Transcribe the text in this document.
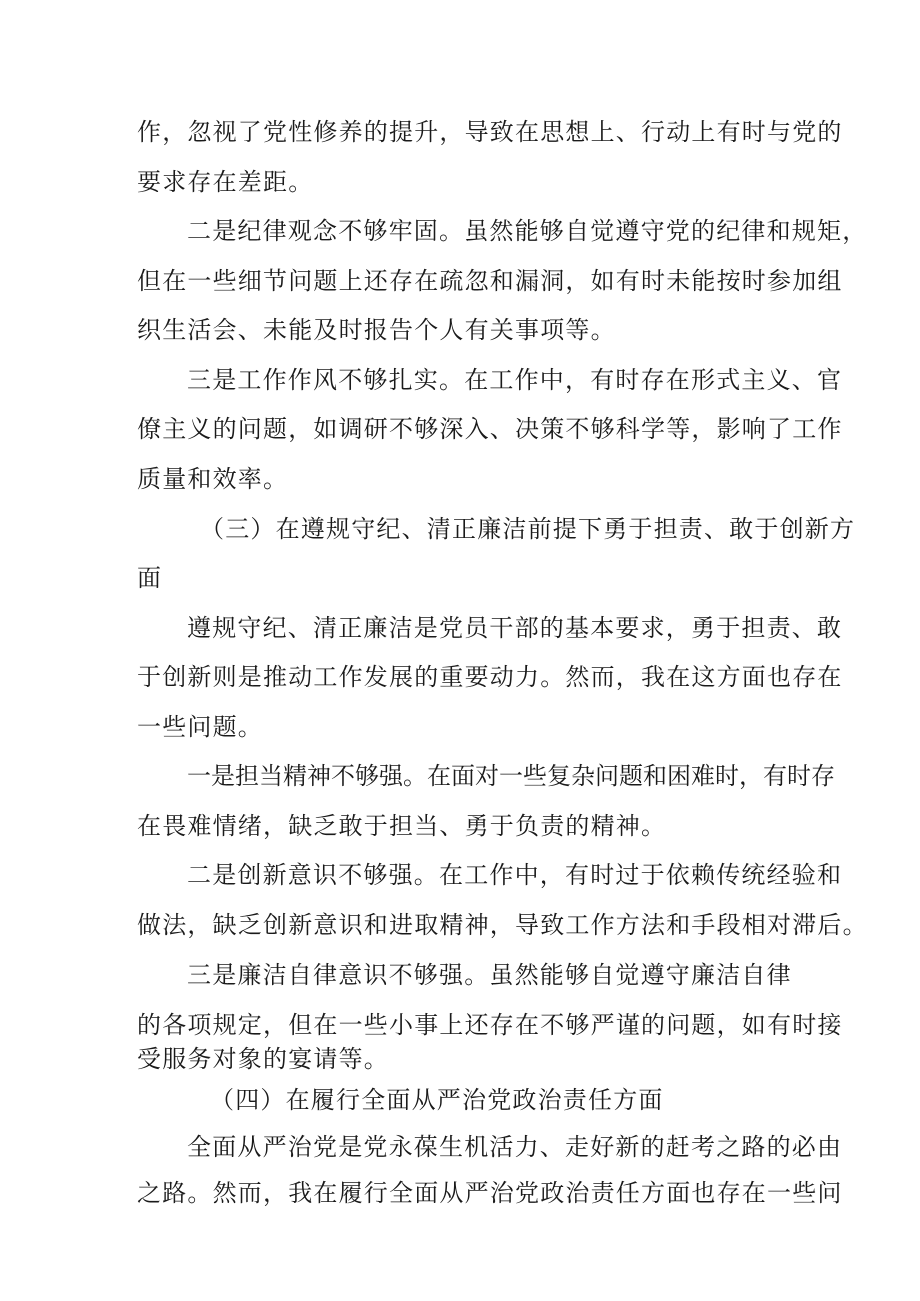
作，忽视了党性修养的提升，导致在思想上、行动上有时与党的

要求存在差距。

二是纪律观念不够牢固。虽然能够自觉遵守党的纪律和规矩，

但在一些细节问题上还存在疏忽和漏洞，如有时未能按时参加组

织生活会、未能及时报告个人有关事项等。

三是工作作风不够扎实。在工作中，有时存在形式主义、官

僚主义的问题，如调研不够深入、决策不够科学等，影响了工作

质量和效率。

（三）在遵规守纪、清正廉洁前提下勇于担责、敢于创新方

面

遵规守纪、清正廉洁是党员干部的基本要求，勇于担责、敢

于创新则是推动工作发展的重要动力。然而，我在这方面也存在

一些问题。

一是担当精神不够强。在面对一些复杂问题和困难时，有时存

在畏难情绪，缺乏敢于担当、勇于负责的精神。

二是创新意识不够强。在工作中，有时过于依赖传统经验和

做法，缺乏创新意识和进取精神，导致工作方法和手段相对滞后。

三是廉洁自律意识不够强。虽然能够自觉遵守廉洁自律

的各项规定，但在一些小事上还存在不够严谨的问题，如有时接

受服务对象的宴请等。

（四）在履行全面从严治党政治责任方面

全面从严治党是党永葆生机活力、走好新的赶考之路的必由

之路。然而，我在履行全面从严治党政治责任方面也存在一些问
